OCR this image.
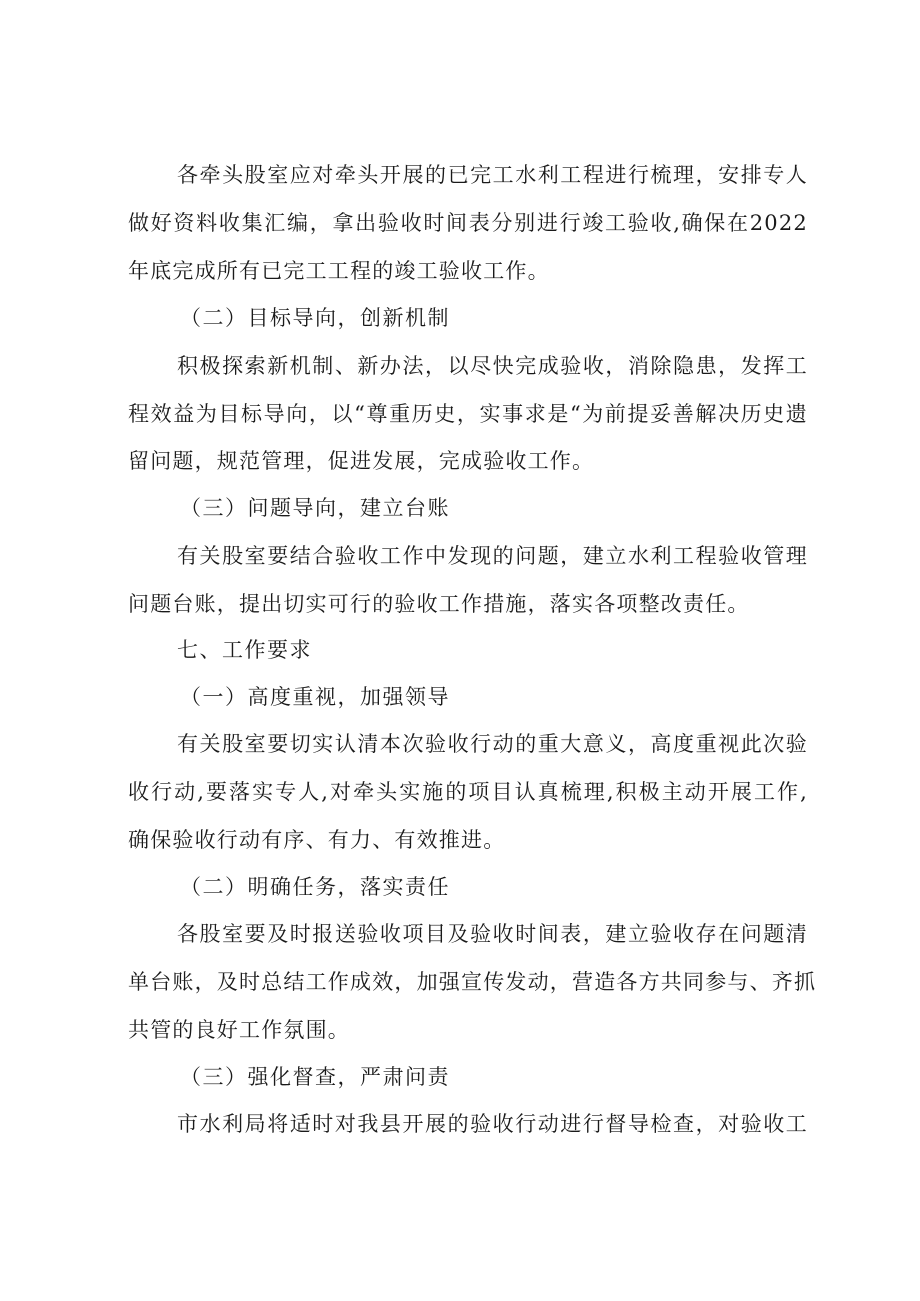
各牵头股室应对牵头开展的已完工水利工程进行梳理，安排专人
做好资料收集汇编，拿出验收时间表分别进行竣工验收,确保在2022
年底完成所有已完工工程的竣工验收工作。
（二）目标导向，创新机制
积极探索新机制、新办法，以尽快完成验收，消除隐患，发挥工
程效益为目标导向，以“尊重历史，实事求是“为前提妥善解决历史遗
留问题，规范管理，促进发展，完成验收工作。
（三）问题导向，建立台账
有关股室要结合验收工作中发现的问题，建立水利工程验收管理
问题台账，提出切实可行的验收工作措施，落实各项整改责任。
七、工作要求
（一）高度重视，加强领导
有关股室要切实认清本次验收行动的重大意义，高度重视此次验
收行动,要落实专人,对牵头实施的项目认真梳理,积极主动开展工作,
确保验收行动有序、有力、有效推进。
（二）明确任务，落实责任
各股室要及时报送验收项目及验收时间表，建立验收存在问题清
单台账，及时总结工作成效，加强宣传发动，营造各方共同参与、齐抓
共管的良好工作氛围。
（三）强化督查，严肃问责
市水利局将适时对我县开展的验收行动进行督导检查，对验收工
